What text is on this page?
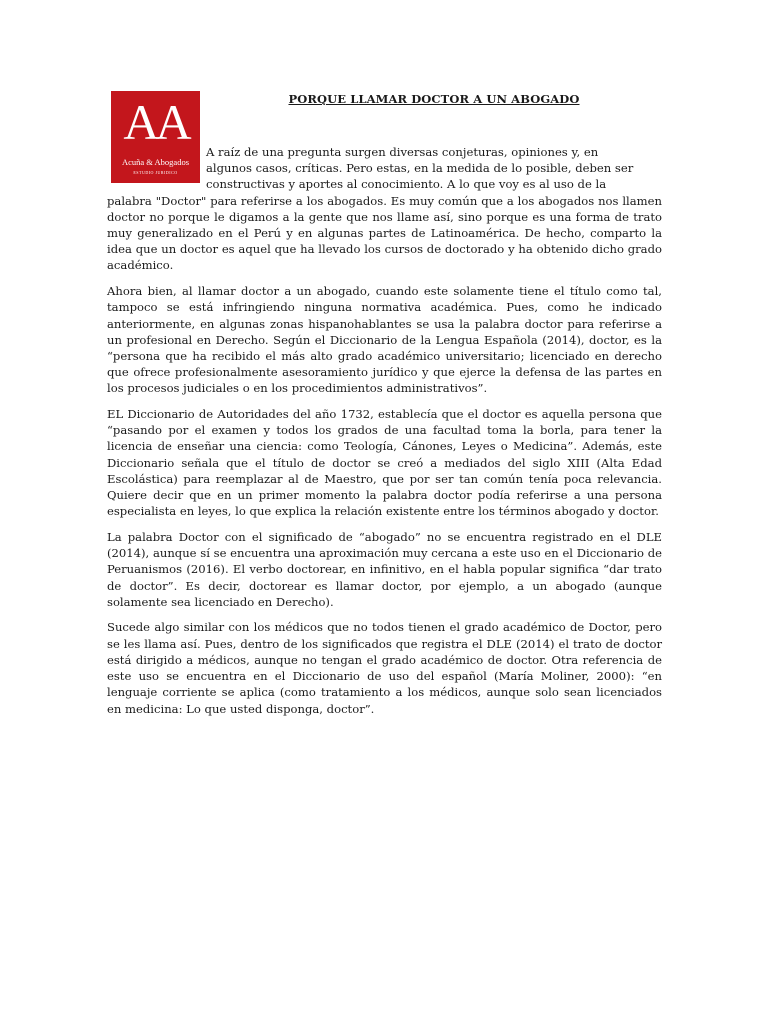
AA
Acuña & Abogados
ESTUDIO JURIDICO
PORQUE LLAMAR DOCTOR A UN ABOGADO

A raíz de una pregunta surgen diversas conjeturas, opiniones y, en
algunos casos, críticas. Pero estas, en la medida de lo posible, deben ser
constructivas y aportes al conocimiento. A lo que voy es al uso de la
palabra "Doctor" para referirse a los abogados. Es muy común que a los abogados nos llamen doctor no porque le digamos a la gente que nos llame así, sino porque es una forma de trato muy generalizado en el Perú y en algunas partes de Latinoamérica. De hecho, comparto la idea que un doctor es aquel que ha llevado los cursos de doctorado y ha obtenido dicho grado académico.

Ahora bien, al llamar doctor a un abogado, cuando este solamente tiene el título como tal, tampoco se está infringiendo ninguna normativa académica. Pues, como he indicado anteriormente, en algunas zonas hispanohablantes se usa la palabra doctor para referirse a un profesional en Derecho. Según el Diccionario de la Lengua Española (2014), doctor, es la “persona que ha recibido el más alto grado académico universitario; licenciado en derecho que ofrece profesionalmente asesoramiento jurídico y que ejerce la defensa de las partes en los procesos judiciales o en los procedimientos administrativos”.

EL Diccionario de Autoridades del año 1732, establecía que el doctor es aquella persona que “pasando por el examen y todos los grados de una facultad toma la borla, para tener la licencia de enseñar una ciencia: como Teología, Cánones, Leyes o Medicina”. Además, este Diccionario señala que el título de doctor se creó a mediados del siglo XIII (Alta Edad Escolástica) para reemplazar al de Maestro, que por ser tan común tenía poca relevancia. Quiere decir que en un primer momento la palabra doctor podía referirse a una persona especialista en leyes, lo que explica la relación existente entre los términos abogado y doctor.

La palabra Doctor con el significado de “abogado” no se encuentra registrado en el DLE (2014), aunque sí se encuentra una aproximación muy cercana a este uso en el Diccionario de Peruanismos (2016). El verbo doctorear, en infinitivo, en el habla popular significa “dar trato de doctor”. Es decir, doctorear es llamar doctor, por ejemplo, a un abogado (aunque solamente sea licenciado en Derecho).

Sucede algo similar con los médicos que no todos tienen el grado académico de Doctor, pero se les llama así. Pues, dentro de los significados que registra el DLE (2014) el trato de doctor está dirigido a médicos, aunque no tengan el grado académico de doctor. Otra referencia de este uso se encuentra en el Diccionario de uso del español (María Moliner, 2000): “en lenguaje corriente se aplica (como tratamiento a los médicos, aunque solo sean licenciados en medicina: Lo que usted disponga, doctor”.
